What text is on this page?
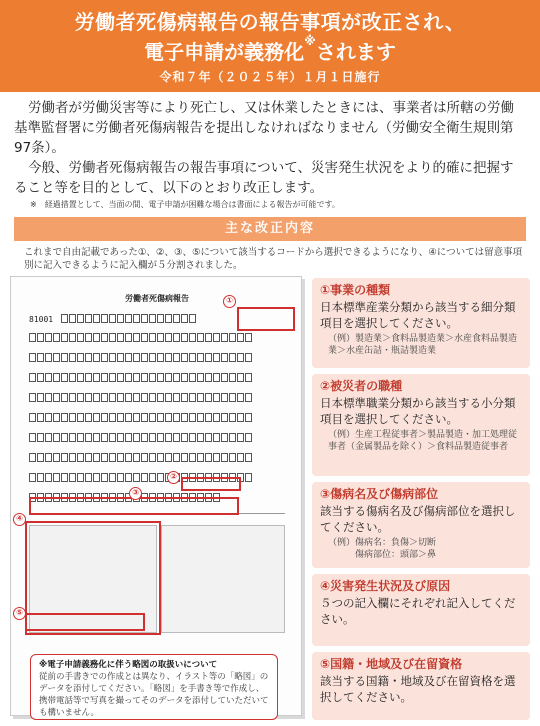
労働者死傷病報告の報告事項が改正され、
電子申請が義務化※されます
令和７年（２０２５年）１月１日施行

労働者が労働災害等により死亡し、又は休業したときには、事業者は所轄の労働基準監督署に労働者死傷病報告を提出しなければなりません（労働安全衛生規則第97条）。

今般、労働者死傷病報告の報告事項について、災害発生状況をより的確に把握すること等を目的として、以下のとおり改正します。

※　経過措置として、当面の間、電子申請が困難な場合は書面による報告が可能です。
主な改正内容
これまで自由記載であった①、②、③、⑤について該当するコードから選択できるようになり、④については留意事項別に記入できるように記入欄が５分割されました。
労働者死傷病報告
81001
①
②
③
④
⑤
※電子申請義務化に伴う略図の取扱いについて
従前の手書きでの作成とは異なり、イラスト等の「略図」のデータを添付してください。「略図」を手書き等で作成し、携帯電話等で写真を撮ってそのデータを添付していただいても構いません。
①事業の種類
日本標準産業分類から該当する細分類項目を選択してください。
（例）製造業＞食料品製造業＞水産食料品製造業＞水産缶詰・瓶詰製造業
②被災者の職種
日本標準職業分類から該当する小分類項目を選択してください。
（例）生産工程従事者＞製品製造・加工処理従事者（金属製品を除く）＞食料品製造従事者
③傷病名及び傷病部位
該当する傷病名及び傷病部位を選択してください。
（例）傷病名：負傷＞切断
　　　傷病部位：頭部＞鼻
④災害発生状況及び原因
５つの記入欄にそれぞれ記入してください。
⑤国籍・地域及び在留資格
該当する国籍・地域及び在留資格を選択してください。
